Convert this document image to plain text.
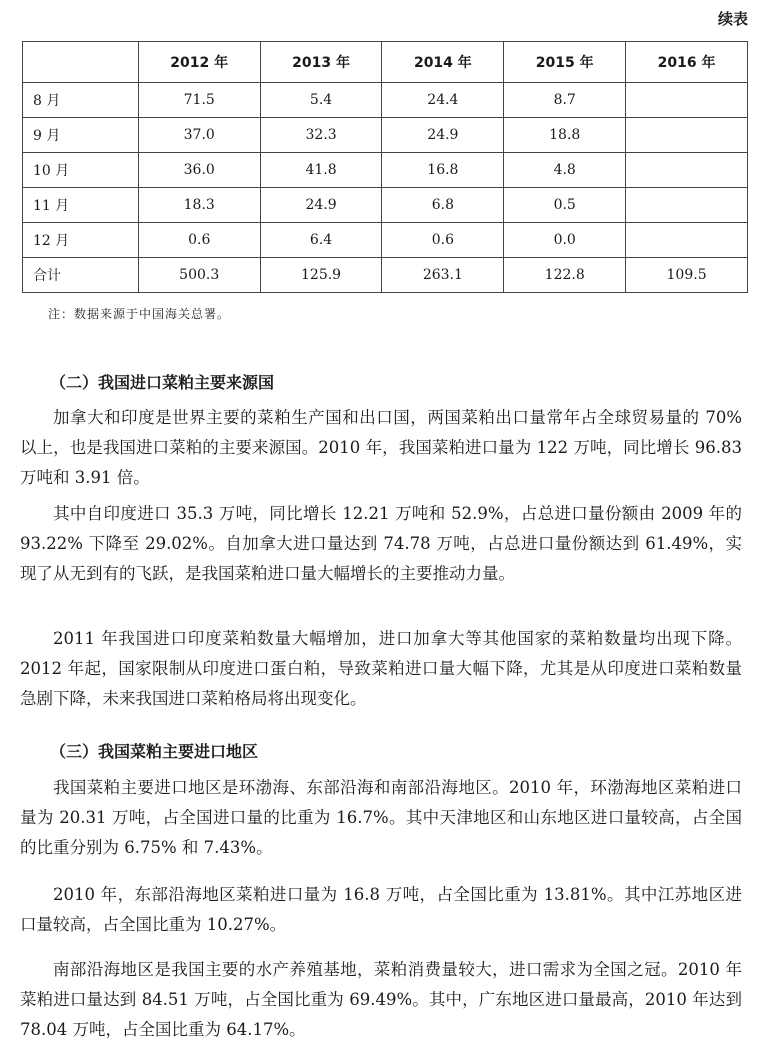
续表
	2012 年	2013 年	2014 年	2015 年	2016 年
8 月	71.5	5.4	24.4	8.7	
9 月	37.0	32.3	24.9	18.8	
10 月	36.0	41.8	16.8	4.8	
11 月	18.3	24.9	6.8	0.5	
12 月	0.6	6.4	0.6	0.0	
合计	500.3	125.9	263.1	122.8	109.5
注：数据来源于中国海关总署。
（二）我国进口菜粕主要来源国

加拿大和印度是世界主要的菜粕生产国和出口国，两国菜粕出口量常年占全球贸易量的 70% 以上，也是我国进口菜粕的主要来源国。2010 年，我国菜粕进口量为 122 万吨，同比增长 96.83 万吨和 3.91 倍。

其中自印度进口 35.3 万吨，同比增长 12.21 万吨和 52.9%，占总进口量份额由 2009 年的 93.22% 下降至 29.02%。自加拿大进口量达到 74.78 万吨，占总进口量份额达到 61.49%，实现了从无到有的飞跃，是我国菜粕进口量大幅增长的主要推动力量。

2011 年我国进口印度菜粕数量大幅增加，进口加拿大等其他国家的菜粕数量均出现下降。2012 年起，国家限制从印度进口蛋白粕，导致菜粕进口量大幅下降，尤其是从印度进口菜粕数量急剧下降，未来我国进口菜粕格局将出现变化。

（三）我国菜粕主要进口地区

我国菜粕主要进口地区是环渤海、东部沿海和南部沿海地区。2010 年，环渤海地区菜粕进口量为 20.31 万吨，占全国进口量的比重为 16.7%。其中天津地区和山东地区进口量较高，占全国的比重分别为 6.75% 和 7.43%。

2010 年，东部沿海地区菜粕进口量为 16.8 万吨，占全国比重为 13.81%。其中江苏地区进口量较高，占全国比重为 10.27%。

南部沿海地区是我国主要的水产养殖基地，菜粕消费量较大，进口需求为全国之冠。2010 年菜粕进口量达到 84.51 万吨，占全国比重为 69.49%。其中，广东地区进口量最高，2010 年达到 78.04 万吨，占全国比重为 64.17%。
